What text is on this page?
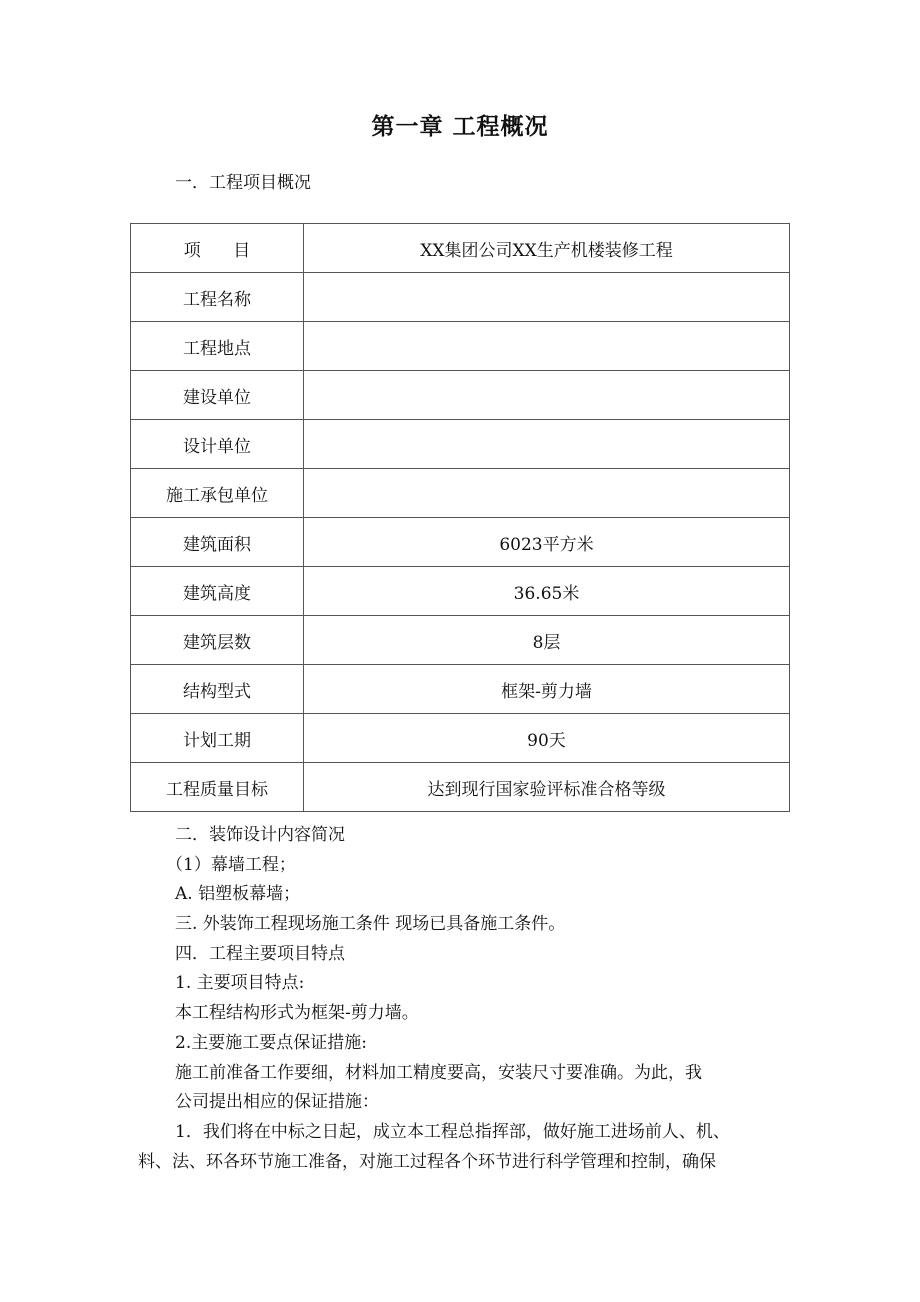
第一章 工程概况
一．工程项目概况
项      目	XX集团公司XX生产机楼装修工程
工程名称	
工程地点	
建设单位	
设计单位	
施工承包单位	
建筑面积	6023平方米
建筑高度	36.65米
建筑层数	8层
结构型式	框架-剪力墙
计划工期	90天
工程质量目标	达到现行国家验评标准合格等级
二．装饰设计内容简况
（1）幕墙工程；
A. 铝塑板幕墙；
三. 外装饰工程现场施工条件 现场已具备施工条件。
四．工程主要项目特点
1. 主要项目特点:
本工程结构形式为框架-剪力墙。
2.主要施工要点保证措施:
施工前准备工作要细，材料加工精度要高，安装尺寸要准确。为此，我
公司提出相应的保证措施：
1．我们将在中标之日起，成立本工程总指挥部，做好施工进场前人、机、
料、法、环各环节施工准备，对施工过程各个环节进行科学管理和控制，确保
